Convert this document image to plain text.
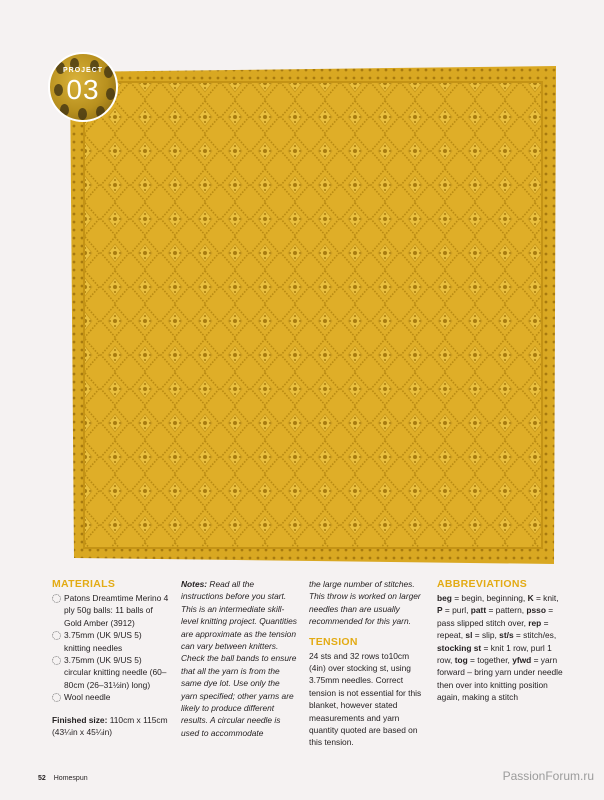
PROJECT
03
MATERIALS
Patons Dreamtime Merino 4 ply 50g balls: 11 balls of Gold Amber (3912)
3.75mm (UK 9/US 5) knitting needles
3.75mm (UK 9/US 5) circular knitting needle (60–80cm (26–31½in) long)
Wool needle
Finished size: 110cm x 115cm (43¼in x 45¼in)
Notes: Read all the instructions before you start. This is an intermediate skill-level knitting project. Quantities are approximate as the tension can vary between knitters. Check the ball bands to ensure that all the yarn is from the same dye lot. Use only the yarn specified; other yarns are likely to produce different results. A circular needle is used to accommodate
the large number of stitches. This throw is worked on larger needles than are usually recommended for this yarn.
TENSION
24 sts and 32 rows to10cm (4in) over stocking st, using 3.75mm needles. Correct tension is not essential for this blanket, however stated measurements and yarn quantity quoted are based on this tension.
ABBREVIATIONS
beg = begin, beginning, K = knit, P = purl, patt = pattern, psso = pass slipped stitch over, rep = repeat, sl = slip, st/s = stitch/es, stocking st = knit 1 row, purl 1 row, tog = together, yfwd = yarn forward – bring yarn under needle then over into knitting position again, making a stitch
52 Homespun	PassionForum.ru
